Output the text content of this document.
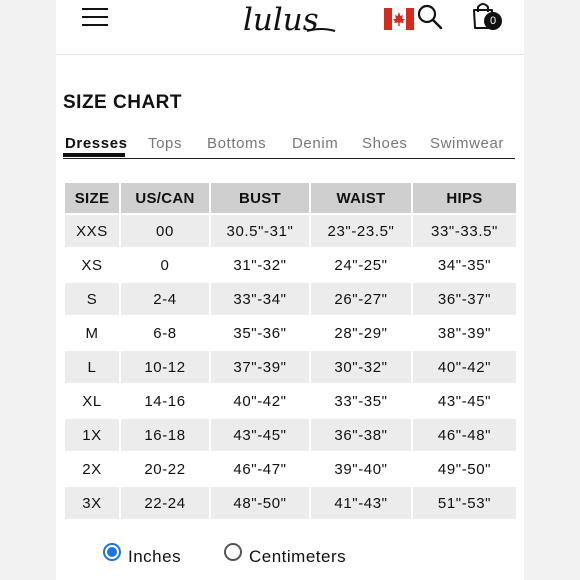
lulus	0
SIZE CHART
Dresses Tops Bottoms Denim Shoes Swimwear
SIZE	US/CAN	BUST	WAIST	HIPS
XXS	00	30.5"-31"	23"-23.5"	33"-33.5"
XS	0	31"-32"	24"-25"	34"-35"
S	2-4	33"-34"	26"-27"	36"-37"
M	6-8	35"-36"	28"-29"	38"-39"
L	10-12	37"-39"	30"-32"	40"-42"
XL	14-16	40"-42"	33"-35"	43"-45"
1X	16-18	43"-45"	36"-38"	46"-48"
2X	20-22	46"-47"	39"-40"	49"-50"
3X	22-24	48"-50"	41"-43"	51"-53"
Inches	Centimeters
